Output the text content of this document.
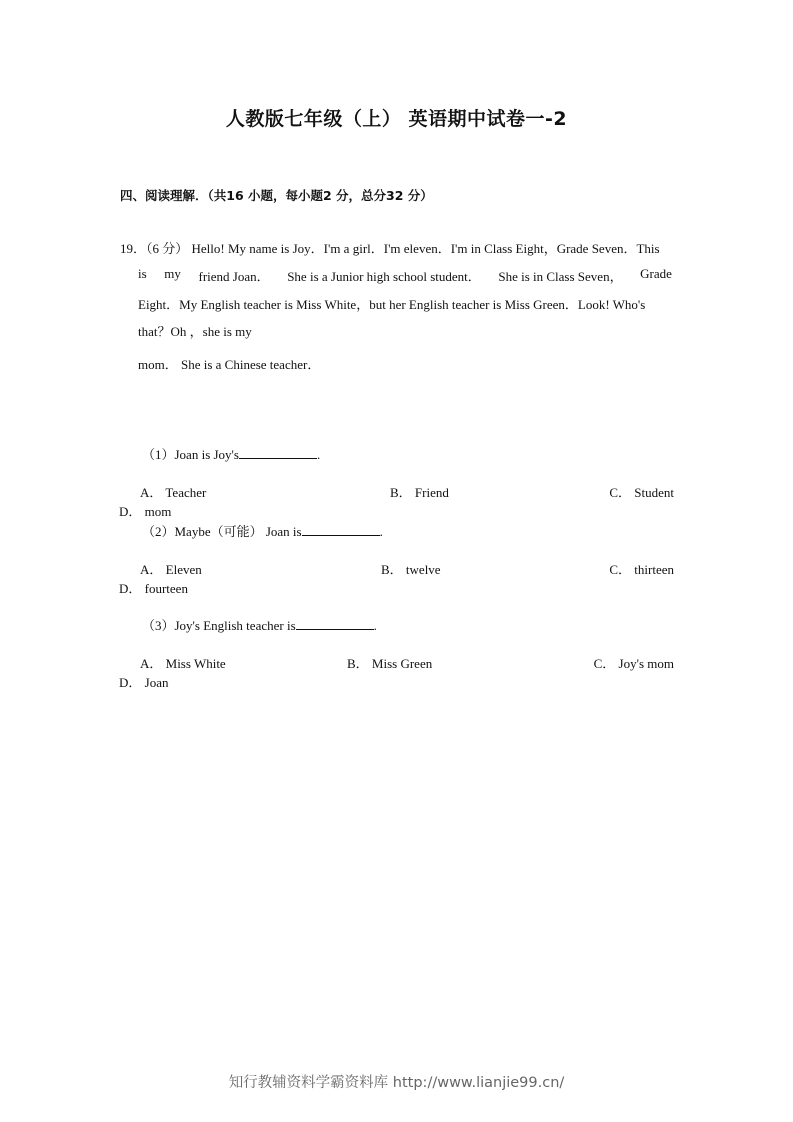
人教版七年级（上） 英语期中试卷一-2
四、阅读理解．（共16 小题，每小题2 分，总分32 分）
19．（6 分） Hello! My name is Joy．I'm a girl．I'm eleven．I'm in Class Eight，Grade Seven．This
is my friend Joan． She is a Junior high school student． She is in Class Seven， Grade
Eight．My English teacher is Miss White，but her English teacher is Miss Green．Look! Who's
that？Oh ，she is my
mom． She is a Chinese teacher．
（1）Joan is Joy's	.
A． Teacher	B． Friend	C． Student
D． mom
（2）Maybe（可能） Joan is	.
A． Eleven	B． twelve	C． thirteen
D． fourteen
（3）Joy's English teacher is	.
A． Miss White	B． Miss Green	C． Joy's mom
D． Joan
知行教辅资料学霸资料库 http://www.lianjie99.cn/
